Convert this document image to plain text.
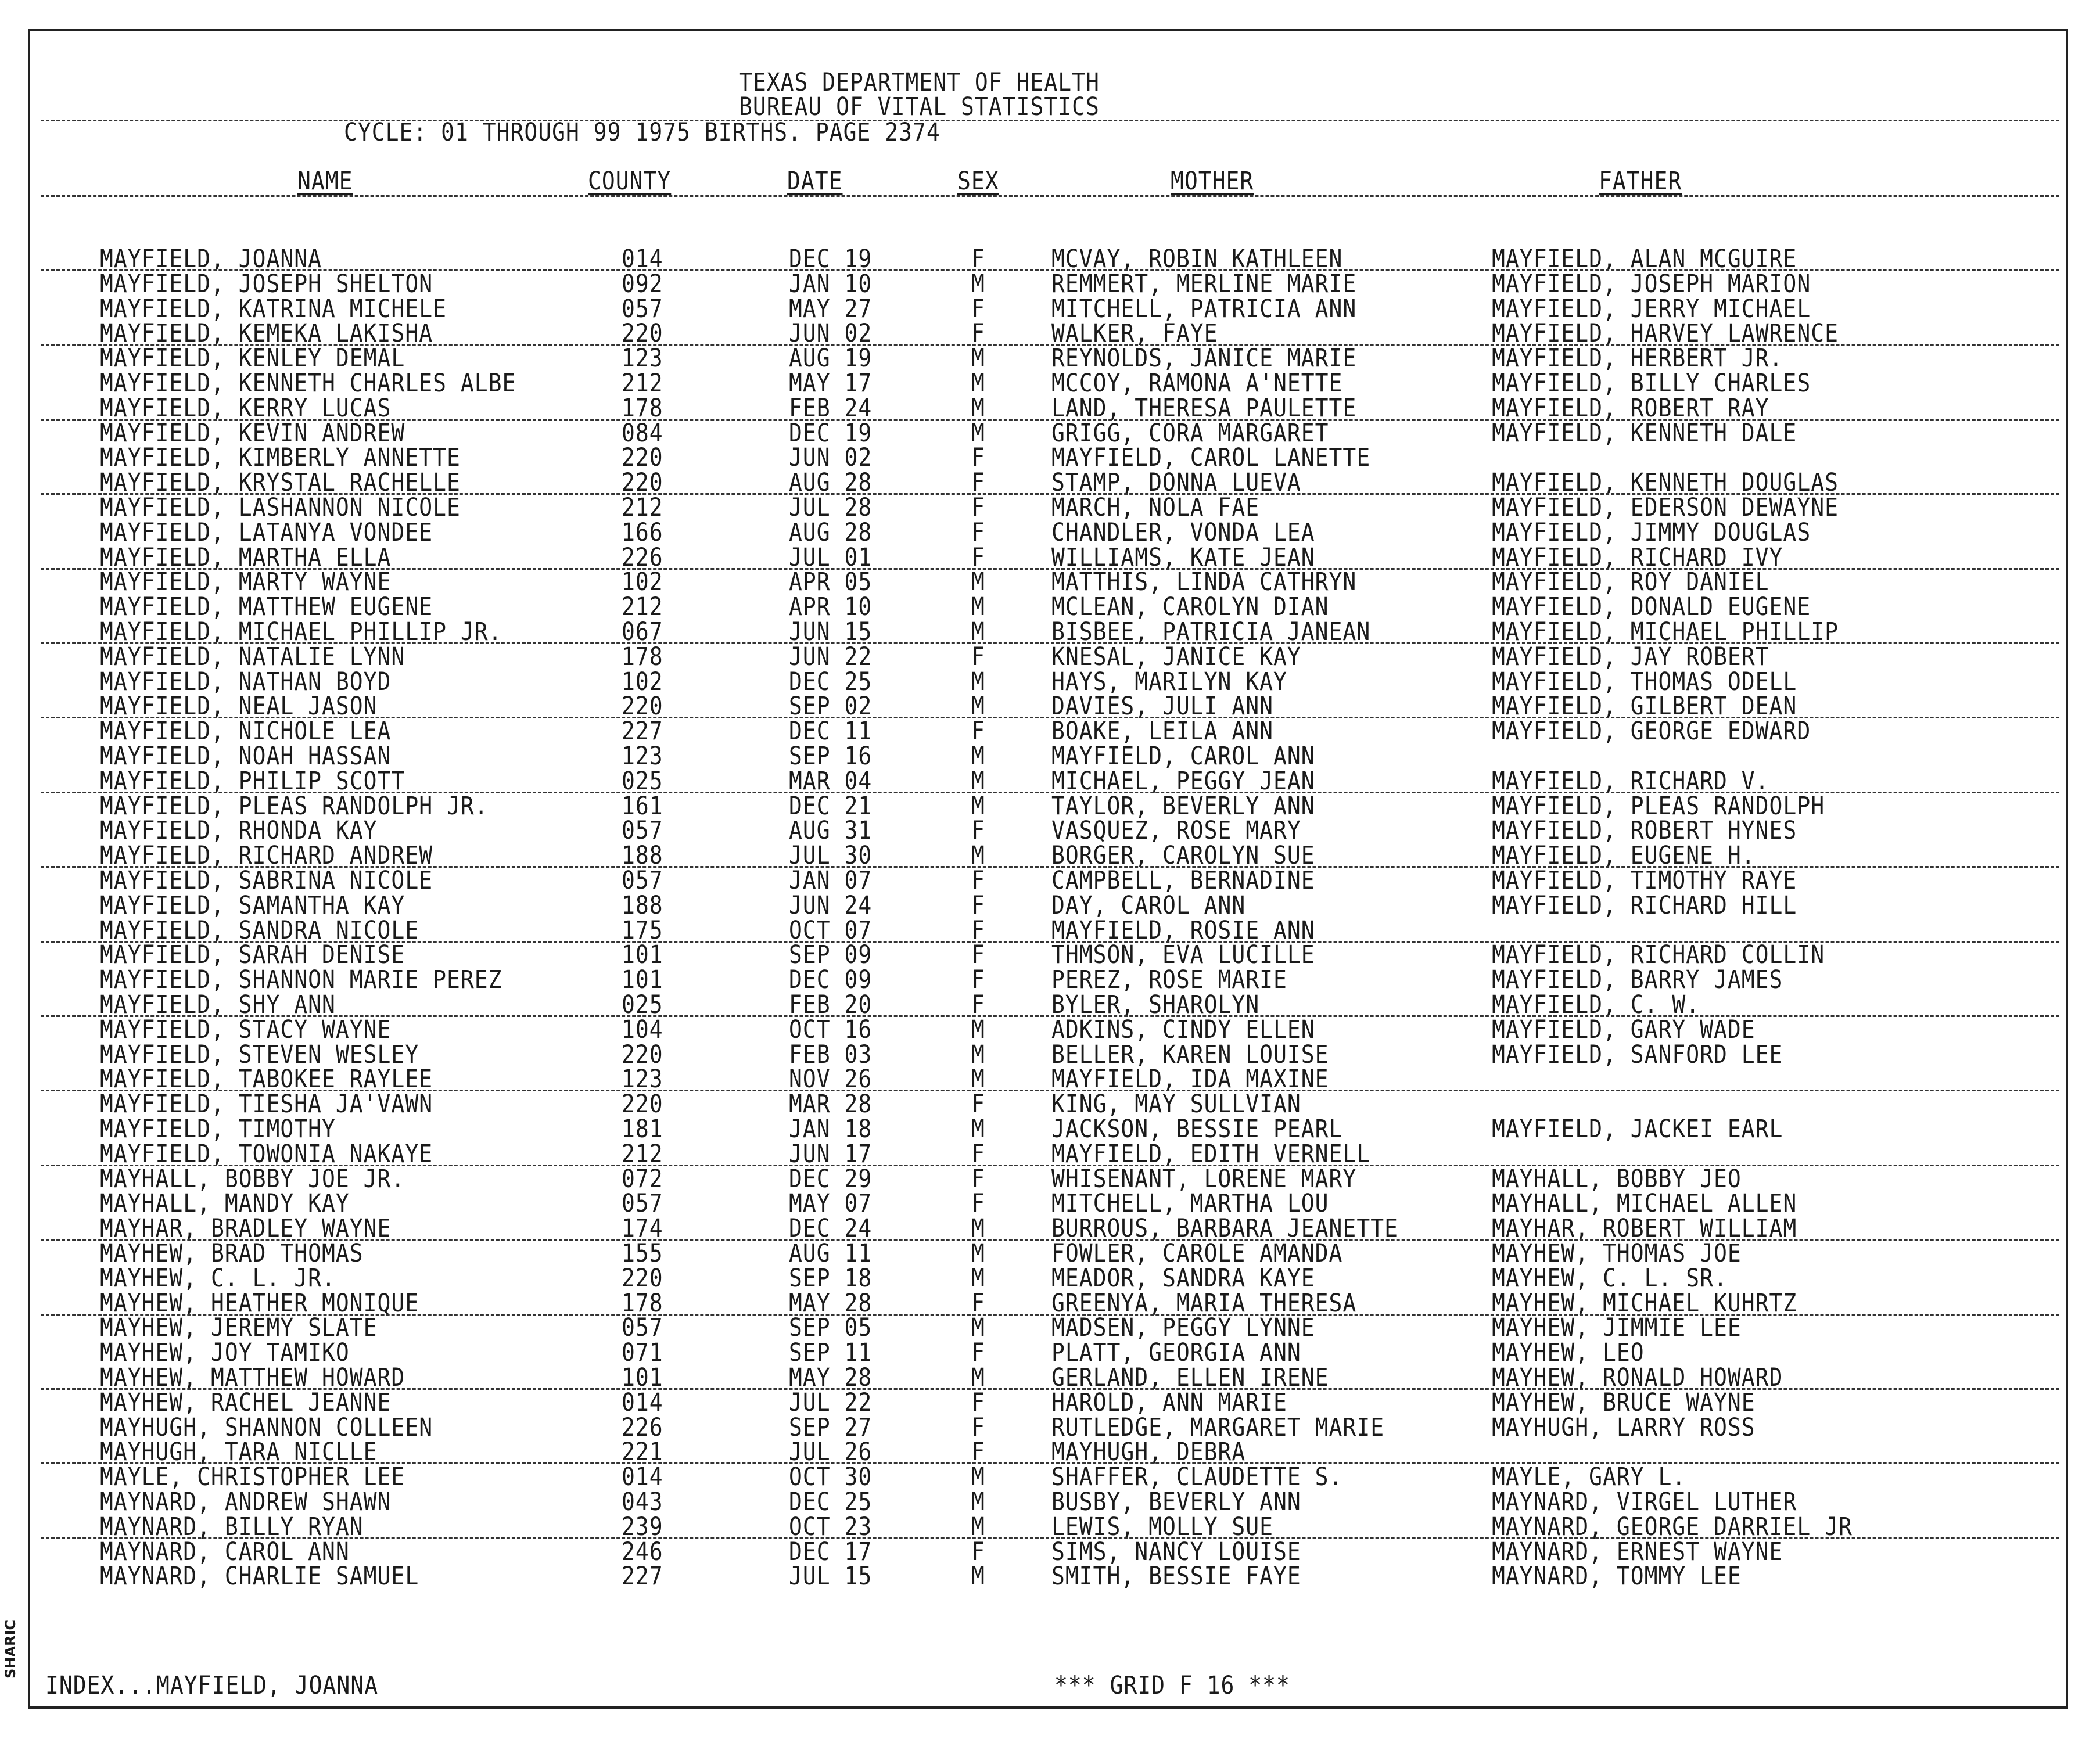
TEXAS DEPARTMENT OF HEALTH
BUREAU OF VITAL STATISTICS
CYCLE: 01 THROUGH 99 1975 BIRTHS. PAGE 2374
NAME	COUNTY	DATE	SEX	MOTHER	FATHER
MAYFIELD, JOANNA	014	DEC 19	F	MCVAY, ROBIN KATHLEEN	MAYFIELD, ALAN MCGUIRE
MAYFIELD, JOSEPH SHELTON	092	JAN 10	M	REMMERT, MERLINE MARIE	MAYFIELD, JOSEPH MARION
MAYFIELD, KATRINA MICHELE	057	MAY 27	F	MITCHELL, PATRICIA ANN	MAYFIELD, JERRY MICHAEL
MAYFIELD, KEMEKA LAKISHA	220	JUN 02	F	WALKER, FAYE	MAYFIELD, HARVEY LAWRENCE
MAYFIELD, KENLEY DEMAL	123	AUG 19	M	REYNOLDS, JANICE MARIE	MAYFIELD, HERBERT JR.
MAYFIELD, KENNETH CHARLES ALBE	212	MAY 17	M	MCCOY, RAMONA A'NETTE	MAYFIELD, BILLY CHARLES
MAYFIELD, KERRY LUCAS	178	FEB 24	M	LAND, THERESA PAULETTE	MAYFIELD, ROBERT RAY
MAYFIELD, KEVIN ANDREW	084	DEC 19	M	GRIGG, CORA MARGARET	MAYFIELD, KENNETH DALE
MAYFIELD, KIMBERLY ANNETTE	220	JUN 02	F	MAYFIELD, CAROL LANETTE
MAYFIELD, KRYSTAL RACHELLE	220	AUG 28	F	STAMP, DONNA LUEVA	MAYFIELD, KENNETH DOUGLAS
MAYFIELD, LASHANNON NICOLE	212	JUL 28	F	MARCH, NOLA FAE	MAYFIELD, EDERSON DEWAYNE
MAYFIELD, LATANYA VONDEE	166	AUG 28	F	CHANDLER, VONDA LEA	MAYFIELD, JIMMY DOUGLAS
MAYFIELD, MARTHA ELLA	226	JUL 01	F	WILLIAMS, KATE JEAN	MAYFIELD, RICHARD IVY
MAYFIELD, MARTY WAYNE	102	APR 05	M	MATTHIS, LINDA CATHRYN	MAYFIELD, ROY DANIEL
MAYFIELD, MATTHEW EUGENE	212	APR 10	M	MCLEAN, CAROLYN DIAN	MAYFIELD, DONALD EUGENE
MAYFIELD, MICHAEL PHILLIP JR.	067	JUN 15	M	BISBEE, PATRICIA JANEAN	MAYFIELD, MICHAEL PHILLIP
MAYFIELD, NATALIE LYNN	178	JUN 22	F	KNESAL, JANICE KAY	MAYFIELD, JAY ROBERT
MAYFIELD, NATHAN BOYD	102	DEC 25	M	HAYS, MARILYN KAY	MAYFIELD, THOMAS ODELL
MAYFIELD, NEAL JASON	220	SEP 02	M	DAVIES, JULI ANN	MAYFIELD, GILBERT DEAN
MAYFIELD, NICHOLE LEA	227	DEC 11	F	BOAKE, LEILA ANN	MAYFIELD, GEORGE EDWARD
MAYFIELD, NOAH HASSAN	123	SEP 16	M	MAYFIELD, CAROL ANN
MAYFIELD, PHILIP SCOTT	025	MAR 04	M	MICHAEL, PEGGY JEAN	MAYFIELD, RICHARD V.
MAYFIELD, PLEAS RANDOLPH JR.	161	DEC 21	M	TAYLOR, BEVERLY ANN	MAYFIELD, PLEAS RANDOLPH
MAYFIELD, RHONDA KAY	057	AUG 31	F	VASQUEZ, ROSE MARY	MAYFIELD, ROBERT HYNES
MAYFIELD, RICHARD ANDREW	188	JUL 30	M	BORGER, CAROLYN SUE	MAYFIELD, EUGENE H.
MAYFIELD, SABRINA NICOLE	057	JAN 07	F	CAMPBELL, BERNADINE	MAYFIELD, TIMOTHY RAYE
MAYFIELD, SAMANTHA KAY	188	JUN 24	F	DAY, CAROL ANN	MAYFIELD, RICHARD HILL
MAYFIELD, SANDRA NICOLE	175	OCT 07	F	MAYFIELD, ROSIE ANN
MAYFIELD, SARAH DENISE	101	SEP 09	F	THMSON, EVA LUCILLE	MAYFIELD, RICHARD COLLIN
MAYFIELD, SHANNON MARIE PEREZ	101	DEC 09	F	PEREZ, ROSE MARIE	MAYFIELD, BARRY JAMES
MAYFIELD, SHY ANN	025	FEB 20	F	BYLER, SHAROLYN	MAYFIELD, C. W.
MAYFIELD, STACY WAYNE	104	OCT 16	M	ADKINS, CINDY ELLEN	MAYFIELD, GARY WADE
MAYFIELD, STEVEN WESLEY	220	FEB 03	M	BELLER, KAREN LOUISE	MAYFIELD, SANFORD LEE
MAYFIELD, TABOKEE RAYLEE	123	NOV 26	M	MAYFIELD, IDA MAXINE
MAYFIELD, TIESHA JA'VAWN	220	MAR 28	F	KING, MAY SULLVIAN
MAYFIELD, TIMOTHY	181	JAN 18	M	JACKSON, BESSIE PEARL	MAYFIELD, JACKEI EARL
MAYFIELD, TOWONIA NAKAYE	212	JUN 17	F	MAYFIELD, EDITH VERNELL
MAYHALL, BOBBY JOE JR.	072	DEC 29	F	WHISENANT, LORENE MARY	MAYHALL, BOBBY JEO
MAYHALL, MANDY KAY	057	MAY 07	F	MITCHELL, MARTHA LOU	MAYHALL, MICHAEL ALLEN
MAYHAR, BRADLEY WAYNE	174	DEC 24	M	BURROUS, BARBARA JEANETTE	MAYHAR, ROBERT WILLIAM
MAYHEW, BRAD THOMAS	155	AUG 11	M	FOWLER, CAROLE AMANDA	MAYHEW, THOMAS JOE
MAYHEW, C. L. JR.	220	SEP 18	M	MEADOR, SANDRA KAYE	MAYHEW, C. L. SR.
MAYHEW, HEATHER MONIQUE	178	MAY 28	F	GREENYA, MARIA THERESA	MAYHEW, MICHAEL KUHRTZ
MAYHEW, JEREMY SLATE	057	SEP 05	M	MADSEN, PEGGY LYNNE	MAYHEW, JIMMIE LEE
MAYHEW, JOY TAMIKO	071	SEP 11	F	PLATT, GEORGIA ANN	MAYHEW, LEO
MAYHEW, MATTHEW HOWARD	101	MAY 28	M	GERLAND, ELLEN IRENE	MAYHEW, RONALD HOWARD
MAYHEW, RACHEL JEANNE	014	JUL 22	F	HAROLD, ANN MARIE	MAYHEW, BRUCE WAYNE
MAYHUGH, SHANNON COLLEEN	226	SEP 27	F	RUTLEDGE, MARGARET MARIE	MAYHUGH, LARRY ROSS
MAYHUGH, TARA NICLLE	221	JUL 26	F	MAYHUGH, DEBRA
MAYLE, CHRISTOPHER LEE	014	OCT 30	M	SHAFFER, CLAUDETTE S.	MAYLE, GARY L.
MAYNARD, ANDREW SHAWN	043	DEC 25	M	BUSBY, BEVERLY ANN	MAYNARD, VIRGEL LUTHER
MAYNARD, BILLY RYAN	239	OCT 23	M	LEWIS, MOLLY SUE	MAYNARD, GEORGE DARRIEL JR
MAYNARD, CAROL ANN	246	DEC 17	F	SIMS, NANCY LOUISE	MAYNARD, ERNEST WAYNE
MAYNARD, CHARLIE SAMUEL	227	JUL 15	M	SMITH, BESSIE FAYE	MAYNARD, TOMMY LEE
INDEX...MAYFIELD, JOANNA	*** GRID F 16 ***
SHARIC
